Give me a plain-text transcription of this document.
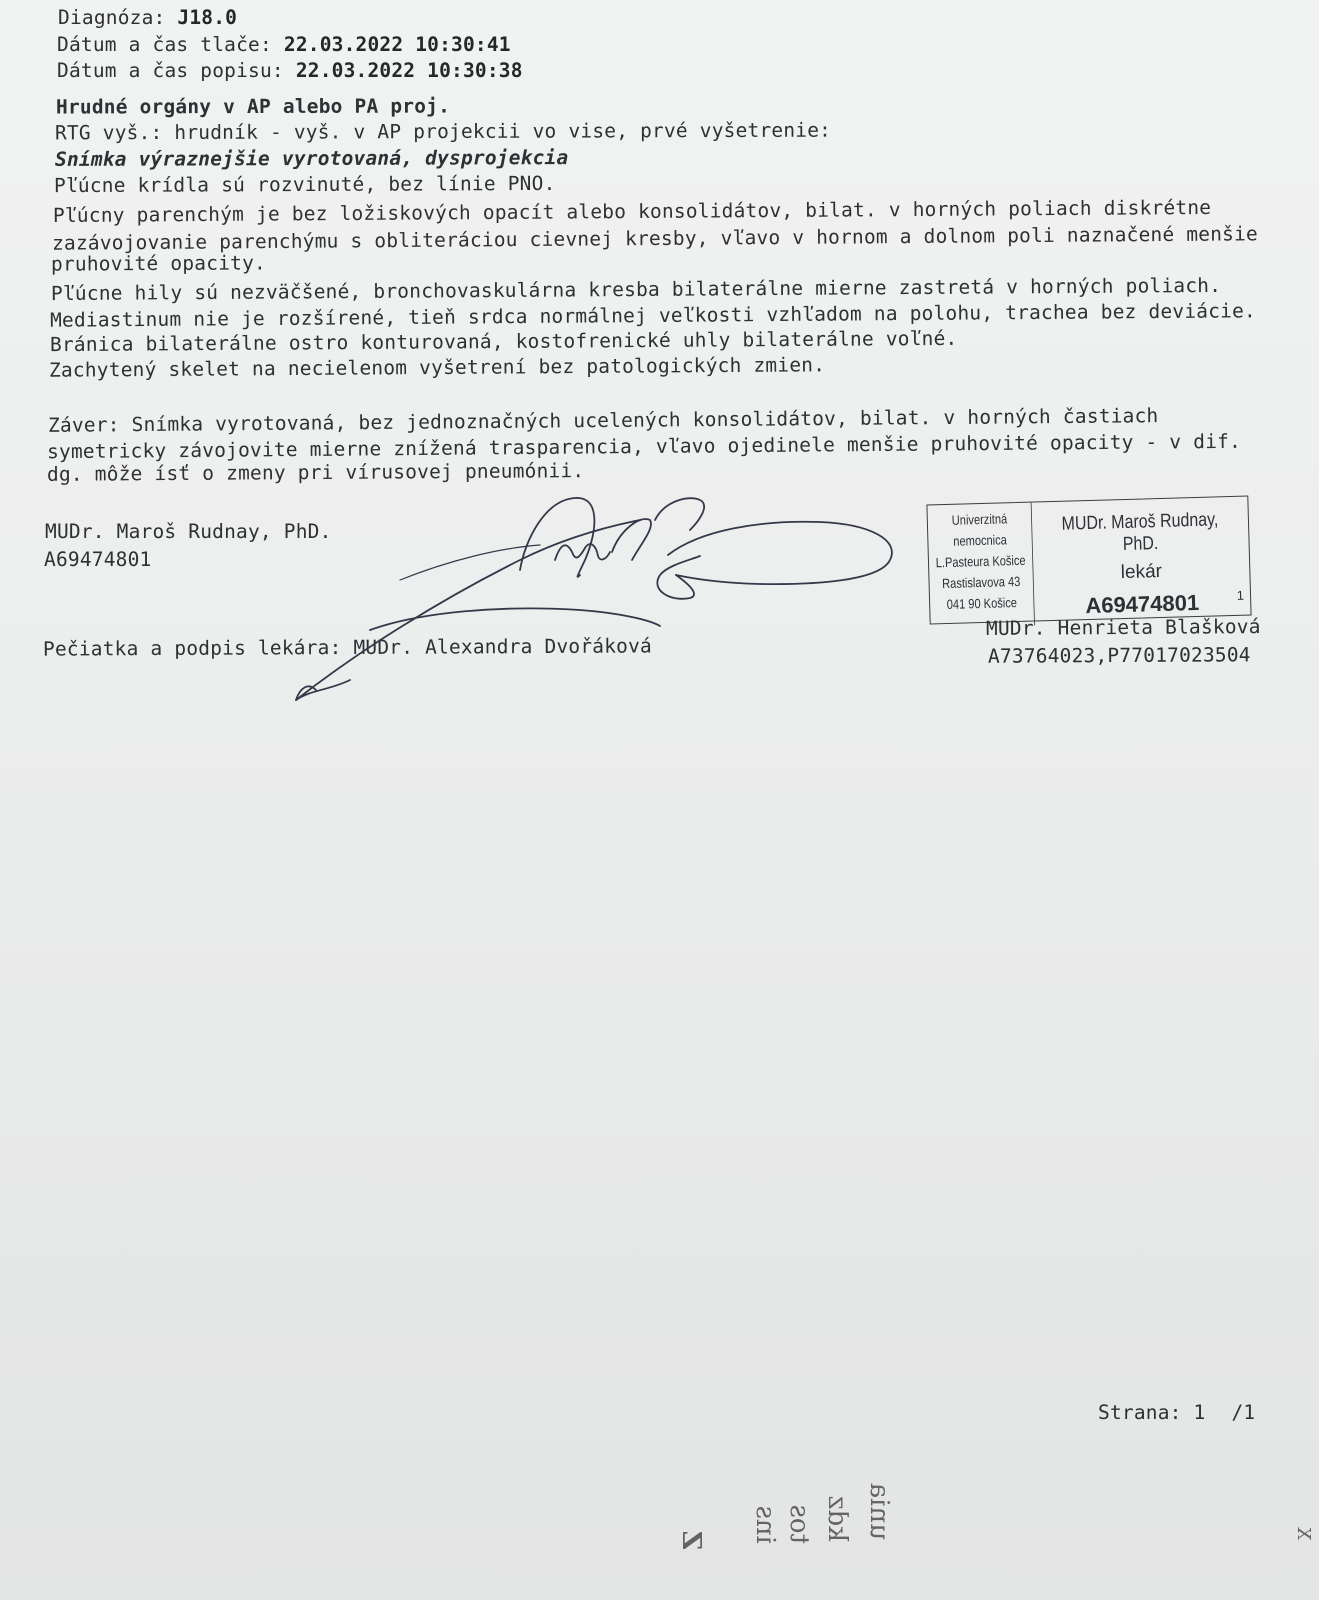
Diagnóza: J18.0
Dátum a čas tlače: 22.03.2022 10:30:41
Dátum a čas popisu: 22.03.2022 10:30:38
Hrudné orgány v AP alebo PA proj.
RTG vyš.: hrudník - vyš. v AP projekcii vo vise, prvé vyšetrenie:
Snímka výraznejšie vyrotovaná, dysprojekcia
Pľúcne krídla sú rozvinuté, bez línie PNO.
Pľúcny parenchým je bez ložiskových opacít alebo konsolidátov, bilat. v horných poliach diskrétne
zazávojovanie parenchýmu s obliteráciou cievnej kresby, vľavo v hornom a dolnom poli naznačené menšie
pruhovité opacity.
Pľúcne hily sú nezväčšené, bronchovaskulárna kresba bilaterálne mierne zastretá v horných poliach.
Mediastinum nie je rozšírené, tieň srdca normálnej veľkosti vzhľadom na polohu, trachea bez deviácie.
Bránica bilaterálne ostro konturovaná, kostofrenické uhly bilaterálne voľné.
Zachytený skelet na necielenom vyšetrení bez patologických zmien.
Záver: Snímka vyrotovaná, bez jednoznačných ucelených konsolidátov, bilat. v horných častiach
symetricky závojovite mierne znížená trasparencia, vľavo ojedinele menšie pruhovité opacity - v dif.
dg. môže ísť o zmeny pri vírusovej pneumónii.
MUDr. Maroš Rudnay, PhD.
A69474801
Univerzitná
nemocnica
L.Pasteura Košice
Rastislavova 43
041 90 Košice
MUDr. Maroš Rudnay, PhD.
lekár
A69474801	1
Pečiatka a podpis lekára: MUDr. Alexandra Dvořáková
MUDr. Henrieta Blašková
A73764023,P77017023504
Strana: 1 /1
Z ins tos kdz unia	X
